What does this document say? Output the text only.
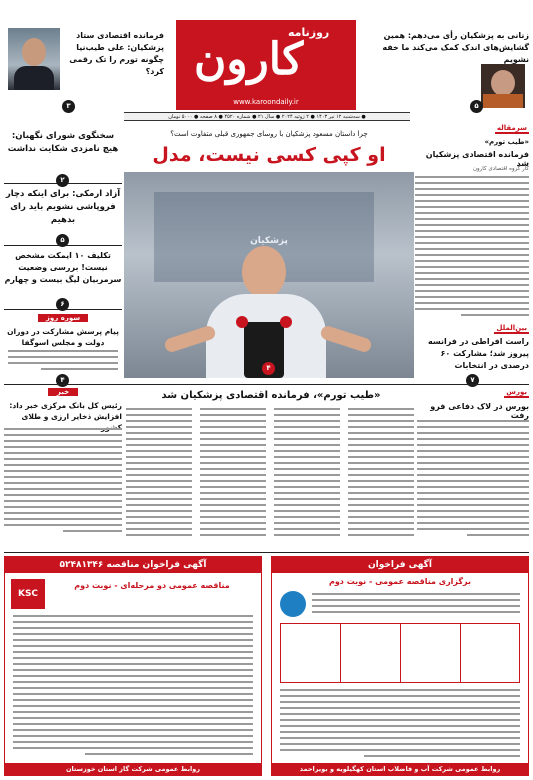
فرمانده اقتصادی ستاد پزشکیان: علی طیب‌نیا چگونه تورم را تک رقمی کرد؟
۳
روزنامه
کارون
www.karoondaily.ir
زنانی به پزشکیان رأی می‌دهم: همین گشایش‌های اندک کمک می‌کند ما خفه نشویم
۵
● سه‌شنبه ۱۲ تیر ۱۴۰۳ ● ۲ ژوئیه ۲۰۲۴ ● سال ۲۱ ● شماره ۴۵۲۰ ● ۸ صفحه ● ۵۰۰۰ تومان
سخنگوی شورای نگهبان: هیچ نامزدی شکایت نداشت
۲
آزاد ارمکی: برای اینکه دچار فروپاشی نشویم باید رای بدهیم
۵
تکلیف ۱۰ ایمکت مشخص نیست! بررسی وضعیت سرمربیان لیگ بیست و چهارم
۶
سوره روز
پیام پرسش مشارکت در دوران دولت و مجلس اسوگفا
۴
چرا داستان مسعود پزشکیان با روسای جمهوری قبلی متفاوت است؟
او کپی کسی نیست، مدل
پزشکیان
۴
سرمقاله
«طیب تورم»
فرمانده اقتصادی پزشکیان شد
کار گروه اقتصادی کارون
بین‌الملل
راست افراطی در فرانسه پیروز شد؛ مشارکت ۶۰ درصدی در انتخابات
۷
خبر
رئیس کل بانک مرکزی خبر داد: افزایش ذخایر ارزی و طلای
«طیب تورم»، فرمانده اقتصادی پزشکیان شد	بورس
بورس در لاک دفاعی فرو رفت
آگهی فراخوان مناقصه ۵۲۴۸۱۳۴۶
KSC
مناقصه عمومی دو مرحله‌ای - نوبت دوم
روابط عمومی شرکت گاز استان خوزستان
آگهی فراخوان
برگزاری مناقصه عمومی - نوبت دوم
روابط عمومی شرکت آب و فاضلاب استان کهگیلویه و بویراحمد
